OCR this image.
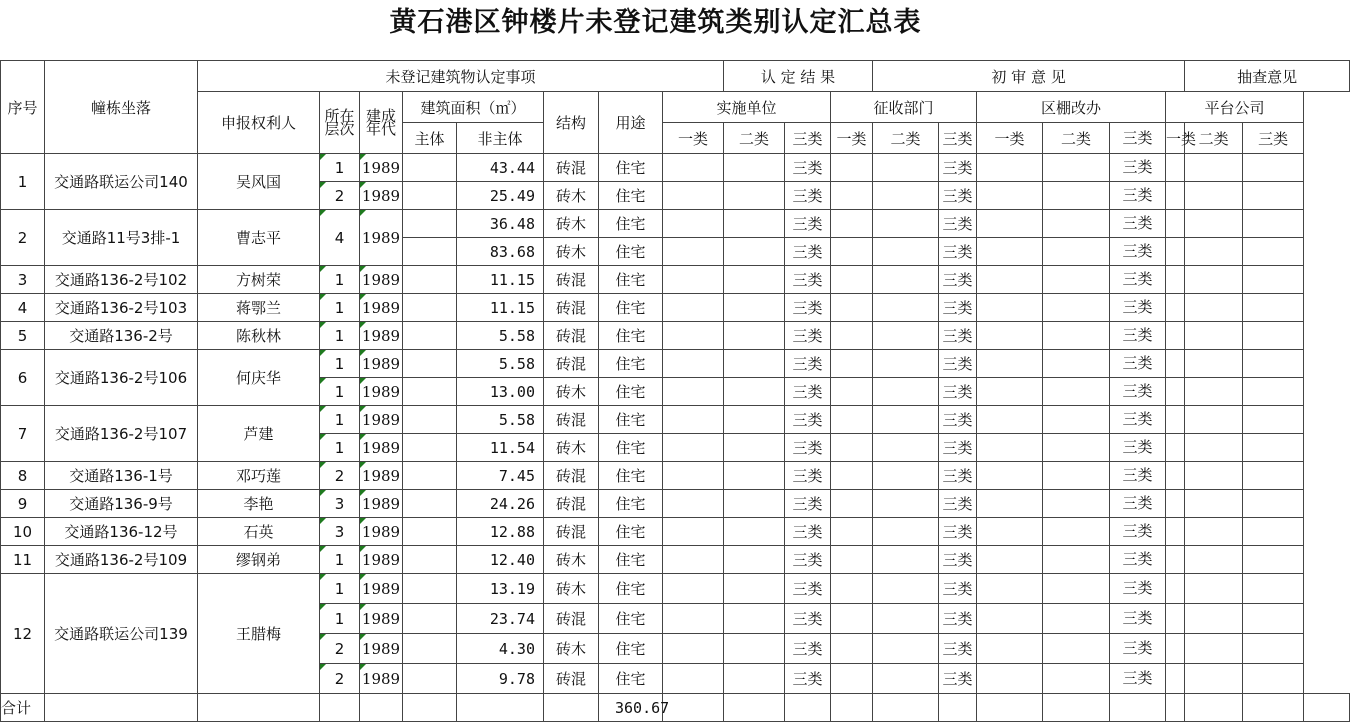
黄石港区钟楼片未登记建筑类别认定汇总表
序号	幢栋坐落	未登记建筑物认定事项								认 定 结 果			初 审 意 见						抽查意见		
		申报权利人	所在层次	建成年代	建筑面积（㎡）		结构	用途	实施单位			征收部门			区棚改办			平台公司			
					主体	非主体			一类	二类	三类	一类	二类	三类	一类	二类	三类	一类	二类	三类	
1	交通路联运公司140	吴风国	1	1989		43.44	砖混	住宅			三类			三类			三类				
			2	1989		25.49	砖木	住宅			三类			三类			三类				
2	交通路11号3排-1	曹志平	4	1989		36.48	砖木	住宅			三类			三类			三类				
						83.68	砖木	住宅			三类			三类			三类				
3	交通路136-2号102	方树荣	1	1989		11.15	砖混	住宅			三类			三类			三类				
4	交通路136-2号103	蒋鄂兰	1	1989		11.15	砖混	住宅			三类			三类			三类				
5	交通路136-2号	陈秋林	1	1989		5.58	砖混	住宅			三类			三类			三类				
6	交通路136-2号106	何庆华	1	1989		5.58	砖混	住宅			三类			三类			三类				
			1	1989		13.00	砖木	住宅			三类			三类			三类				
7	交通路136-2号107	芦建	1	1989		5.58	砖混	住宅			三类			三类			三类				
			1	1989		11.54	砖木	住宅			三类			三类			三类				
8	交通路136-1号	邓巧莲	2	1989		7.45	砖混	住宅			三类			三类			三类				
9	交通路136-9号	李艳	3	1989		24.26	砖混	住宅			三类			三类			三类				
10	交通路136-12号	石英	3	1989		12.88	砖混	住宅			三类			三类			三类				
11	交通路136-2号109	缪钢弟	1	1989		12.40	砖木	住宅			三类			三类			三类				
12	交通路联运公司139	王腊梅	1	1989		13.19	砖木	住宅			三类			三类			三类				
			1	1989		23.74	砖混	住宅			三类			三类			三类				
			2	1989		4.30	砖木	住宅			三类			三类			三类				
			2	1989		9.78	砖混	住宅			三类			三类			三类				
合计								360.67													
